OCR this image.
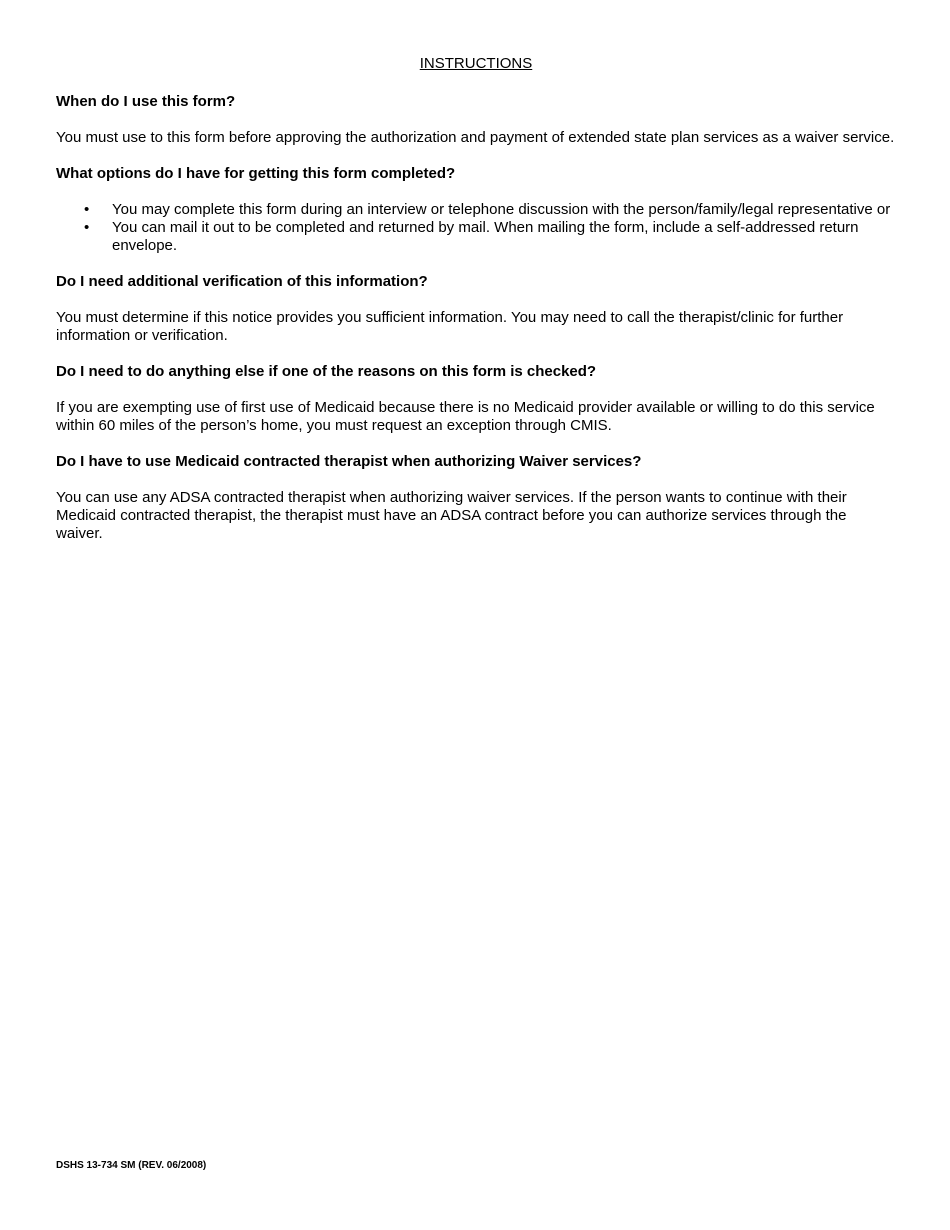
INSTRUCTIONS
When do I use this form?
You must use to this form before approving the authorization and payment of extended state plan services as a waiver service.
What options do I have for getting this form completed?
• You may complete this form during an interview or telephone discussion with the person/family/legal representative or
• You can mail it out to be completed and returned by mail. When mailing the form, include a self-addressed return envelope.
Do I need additional verification of this information?
You must determine if this notice provides you sufficient information. You may need to call the therapist/clinic for further information or verification.
Do I need to do anything else if one of the reasons on this form is checked?
If you are exempting use of first use of Medicaid because there is no Medicaid provider available or willing to do this service within 60 miles of the person’s home, you must request an exception through CMIS.
Do I have to use Medicaid contracted therapist when authorizing Waiver services?
You can use any ADSA contracted therapist when authorizing waiver services. If the person wants to continue with their Medicaid contracted therapist, the therapist must have an ADSA contract before you can authorize services through the waiver.
DSHS 13-734 SM (REV. 06/2008)
